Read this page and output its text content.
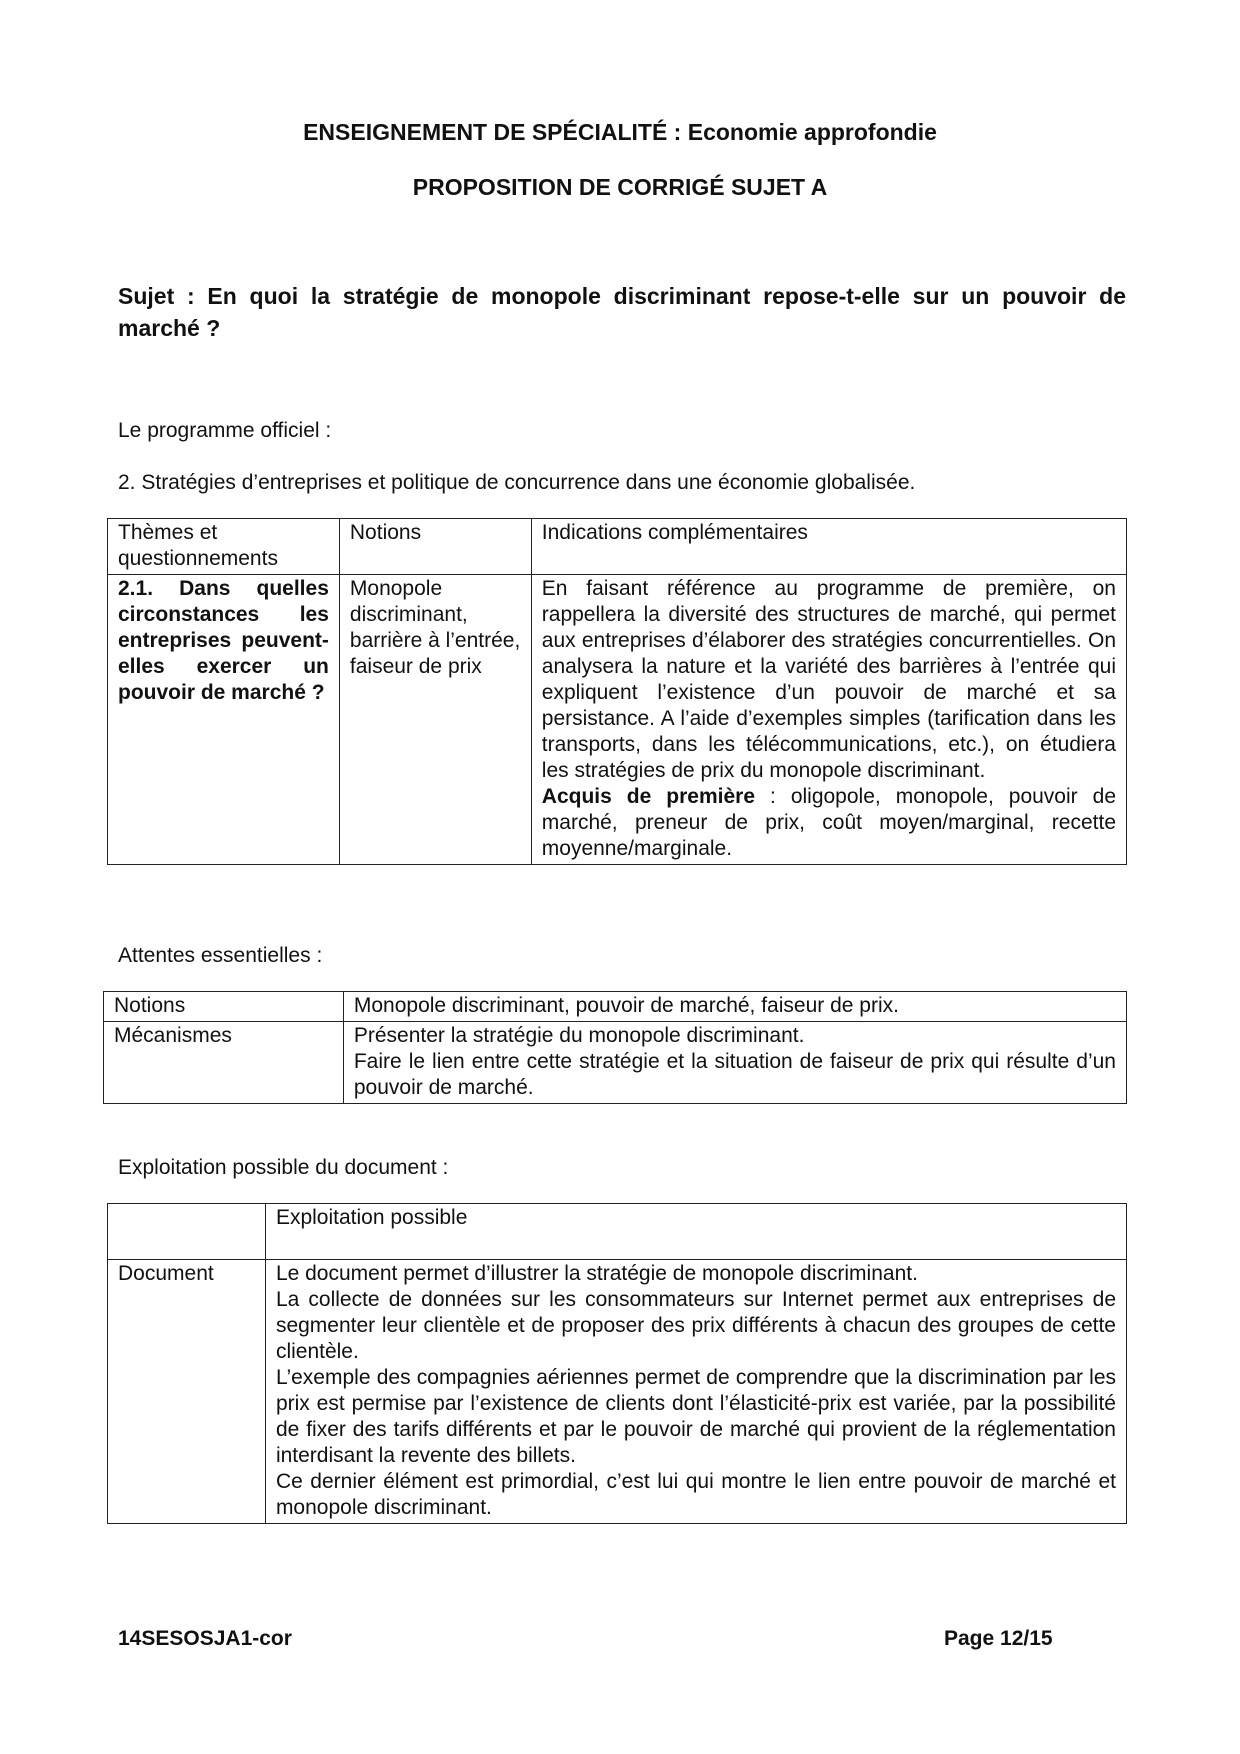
ENSEIGNEMENT DE SPÉCIALITÉ : Economie approfondie
PROPOSITION DE CORRIGÉ SUJET A
Sujet : En quoi la stratégie de monopole discriminant repose-t-elle sur un pouvoir de marché ?
Le programme officiel :
2. Stratégies d’entreprises et politique de concurrence dans une économie globalisée.
Thèmes et questionnements	Notions	Indications complémentaires
2.1. Dans quelles circonstances les entreprises peuvent-elles exercer un pouvoir de marché ?	Monopole discriminant, barrière à l’entrée, faiseur de prix	En faisant référence au programme de première, on rappellera la diversité des structures de marché, qui permet aux entreprises d’élaborer des stratégies concurrentielles. On analysera la nature et la variété des barrières à l’entrée qui expliquent l’existence d’un pouvoir de marché et sa persistance. A l’aide d’exemples simples (tarification dans les transports, dans les télécommunications, etc.), on étudiera les stratégies de prix du monopole discriminant.
Acquis de première : oligopole, monopole, pouvoir de marché, preneur de prix, coût moyen/marginal, recette moyenne/marginale.
Attentes essentielles :
Notions	Monopole discriminant, pouvoir de marché, faiseur de prix.
Mécanismes	Présenter la stratégie du monopole discriminant.
Faire le lien entre cette stratégie et la situation de faiseur de prix qui résulte d’un pouvoir de marché.
Exploitation possible du document :
	Exploitation possible
Document	Le document permet d’illustrer la stratégie de monopole discriminant.
La collecte de données sur les consommateurs sur Internet permet aux entreprises de segmenter leur clientèle et de proposer des prix différents à chacun des groupes de cette clientèle.
L’exemple des compagnies aériennes permet de comprendre que la discrimination par les prix est permise par l’existence de clients dont l’élasticité-prix est variée, par la possibilité de fixer des tarifs différents et par le pouvoir de marché qui provient de la réglementation interdisant la revente des billets.
Ce dernier élément est primordial, c’est lui qui montre le lien entre pouvoir de marché et monopole discriminant.
14SESOSJA1-cor	Page 12/15
